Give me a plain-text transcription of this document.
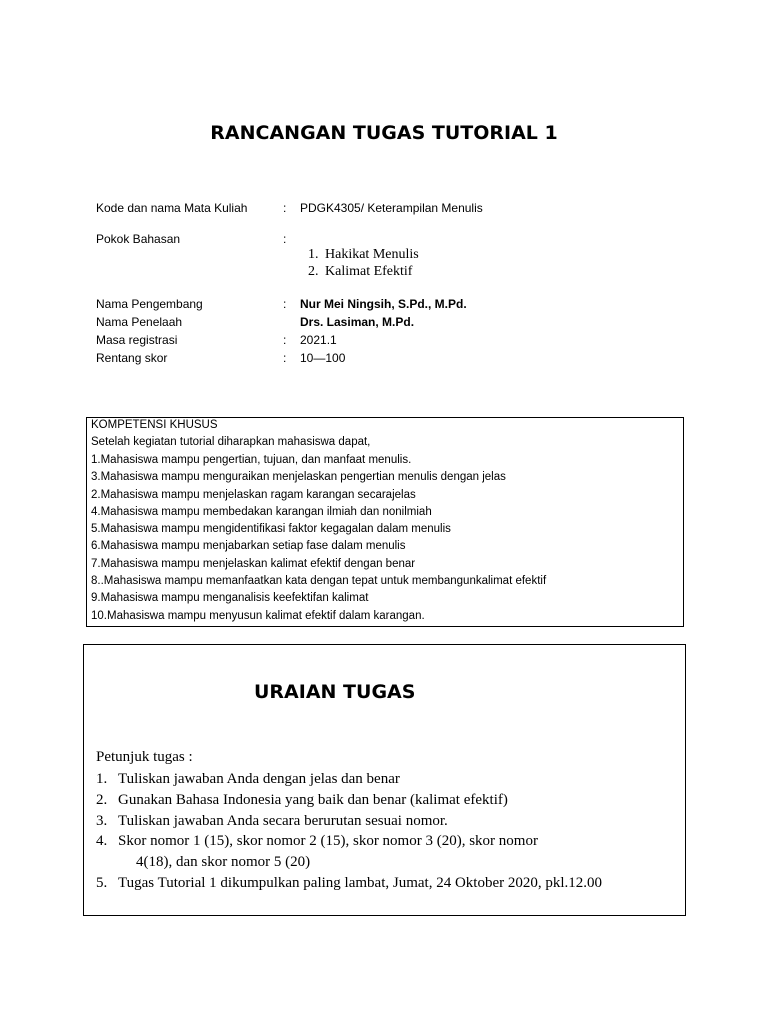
RANCANGAN TUGAS TUTORIAL 1
Kode dan nama Mata Kuliah	: PDGK4305/ Keterampilan Menulis
Pokok Bahasan	:
1. Hakikat Menulis
2. Kalimat Efektif
Nama Pengembang	: Nur Mei Ningsih, S.Pd., M.Pd.
Nama Penelaah	Drs. Lasiman, M.Pd.
Masa registrasi	: 2021.1
Rentang skor	: 10—100
KOMPETENSI KHUSUS
Setelah kegiatan tutorial diharapkan mahasiswa dapat,
1.Mahasiswa mampu pengertian, tujuan, dan manfaat menulis.
3.Mahasiswa mampu menguraikan menjelaskan pengertian menulis dengan jelas
2.Mahasiswa mampu menjelaskan ragam karangan secarajelas
4.Mahasiswa mampu membedakan karangan ilmiah dan nonilmiah
5.Mahasiswa mampu mengidentifikasi faktor kegagalan dalam menulis
6.Mahasiswa mampu menjabarkan setiap fase dalam menulis
7.Mahasiswa mampu menjelaskan kalimat efektif dengan benar
8..Mahasiswa mampu memanfaatkan kata dengan tepat untuk membangunkalimat efektif
9.Mahasiswa mampu menganalisis keefektifan kalimat
10.Mahasiswa mampu menyusun kalimat efektif dalam karangan.
URAIAN TUGAS
Petunjuk tugas :
1. Tuliskan jawaban Anda dengan jelas dan benar
2. Gunakan Bahasa Indonesia yang baik dan benar (kalimat efektif)
3. Tuliskan jawaban Anda secara berurutan sesuai nomor.
4. Skor nomor 1 (15), skor nomor 2 (15), skor nomor 3 (20), skor nomor
4(18), dan skor nomor 5 (20)
5. Tugas Tutorial 1 dikumpulkan paling lambat, Jumat, 24 Oktober 2020, pkl.12.00
